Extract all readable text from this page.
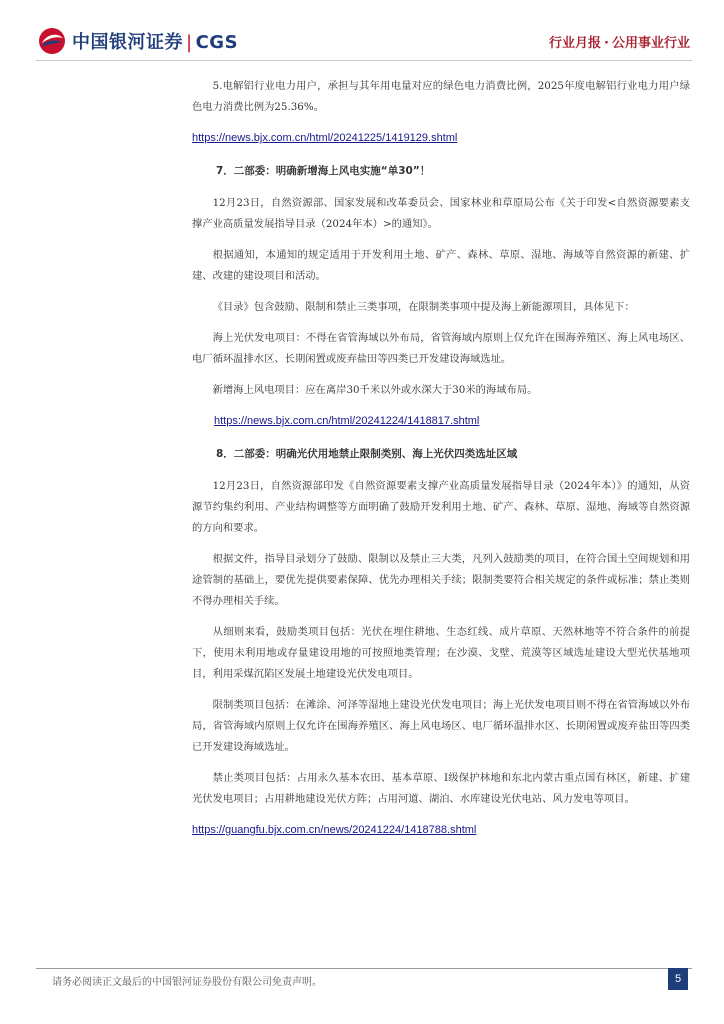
中国银河证券 | CGS	行业月报 · 公用事业行业

5.电解铝行业电力用户，承担与其年用电量对应的绿色电力消费比例，2025年度电解铝行业电力用户绿色电力消费比例为25.36%。

https://news.bjx.com.cn/html/20241225/1419129.shtml

7．二部委：明确新增海上风电实施“单30”！

12月23日，自然资源部、国家发展和改革委员会、国家林业和草原局公布《关于印发<自然资源要素支撑产业高质量发展指导目录（2024年本）>的通知》。

根据通知，本通知的规定适用于开发利用土地、矿产、森林、草原、湿地、海域等自然资源的新建、扩建、改建的建设项目和活动。

《目录》包含鼓励、限制和禁止三类事项，在限制类事项中提及海上新能源项目，具体见下：

海上光伏发电项目：不得在省管海域以外布局，省管海域内原则上仅允许在围海养殖区、海上风电场区、电厂循环温排水区、长期闲置或废弃盐田等四类已开发建设海域选址。

新增海上风电项目：应在离岸30千米以外或水深大于30米的海域布局。

https://news.bjx.com.cn/html/20241224/1418817.shtml

8．二部委：明确光伏用地禁止限制类别、海上光伏四类选址区域

12月23日，自然资源部印发《自然资源要素支撑产业高质量发展指导目录（2024年本）》的通知，从资源节约集约利用、产业结构调整等方面明确了鼓励开发利用土地、矿产、森林、草原、湿地、海域等自然资源的方向和要求。

根据文件，指导目录划分了鼓励、限制以及禁止三大类，凡列入鼓励类的项目，在符合国土空间规划和用途管制的基础上，要优先提供要素保障、优先办理相关手续；限制类要符合相关规定的条件或标准；禁止类则不得办理相关手续。

从细则来看，鼓励类项目包括：光伏在埋住耕地、生态红线、成片草原、天然林地等不符合条件的前提下，使用未利用地或存量建设用地的可按照地类管理；在沙漠、戈壁、荒漠等区域选址建设大型光伏基地项目，利用采煤沉陷区发展土地建设光伏发电项目。

限制类项目包括：在滩涂、河泽等湿地上建设光伏发电项目；海上光伏发电项目则不得在省管海域以外布局，省管海域内原则上仅允许在围海养殖区、海上风电场区、电厂循环温排水区、长期闲置或废弃盐田等四类已开发建设海域选址。

禁止类项目包括：占用永久基本农田、基本草原、Ⅰ级保护林地和东北内蒙古重点国有林区，新建、扩建光伏发电项目；占用耕地建设光伏方阵；占用河道、湖泊、水库建设光伏电站、风力发电等项目。

https://guangfu.bjx.com.cn/news/20241224/1418788.shtml

请务必阅读正文最后的中国银河证券股份有限公司免责声明。	5
